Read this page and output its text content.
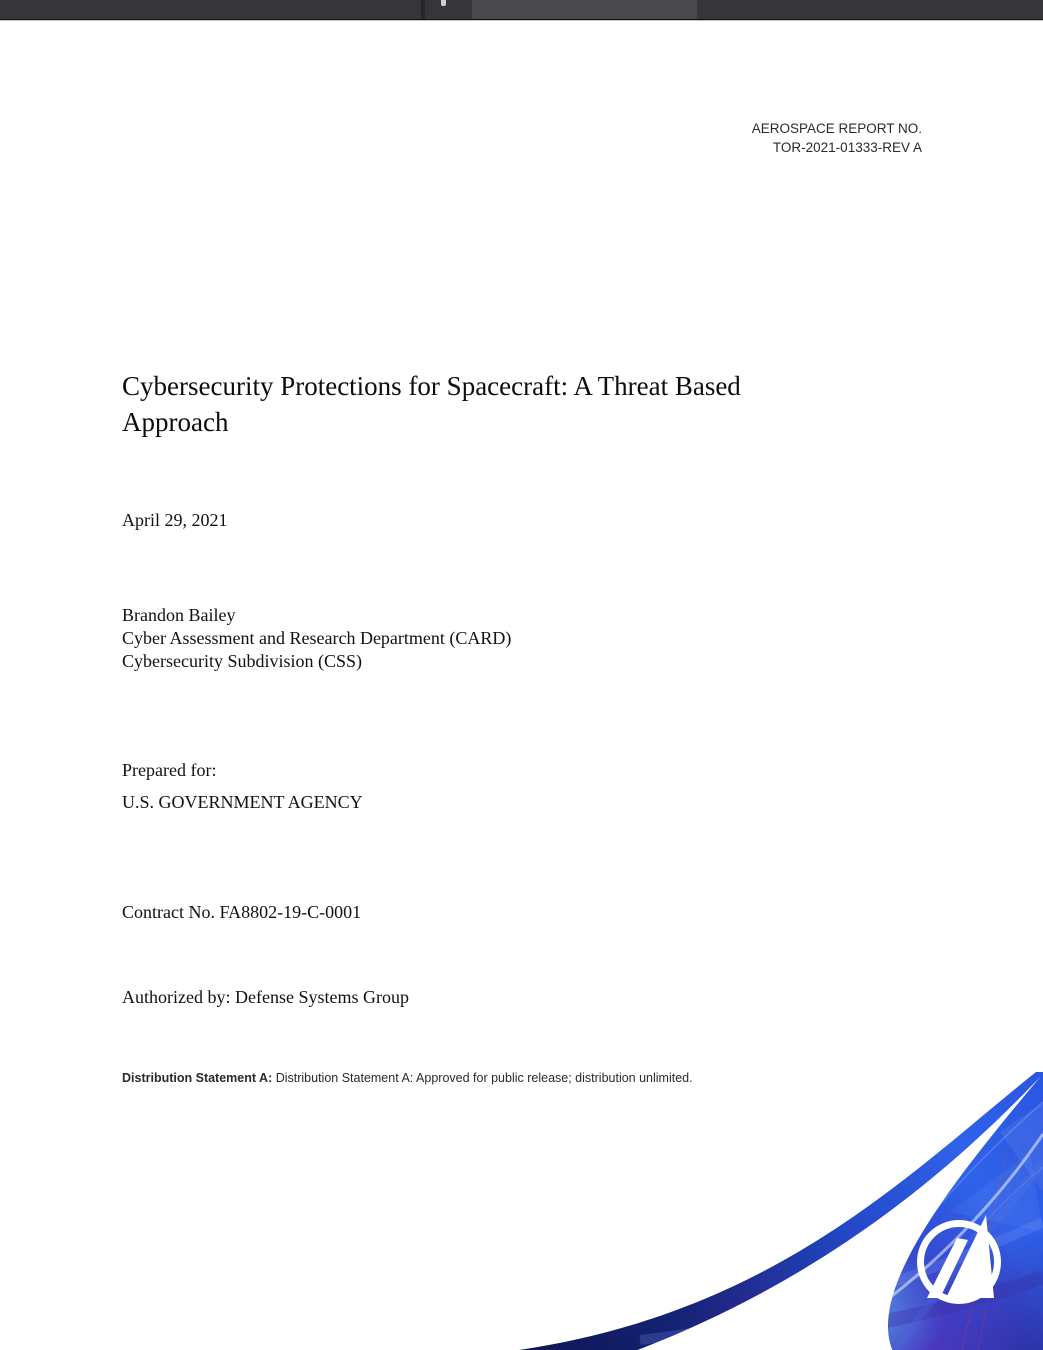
AEROSPACE REPORT NO.
TOR-2021-01333-REV A
Cybersecurity Protections for Spacecraft: A Threat Based
Approach
April 29, 2021
Brandon Bailey
Cyber Assessment and Research Department (CARD)
Cybersecurity Subdivision (CSS)
Prepared for:
U.S. GOVERNMENT AGENCY
Contract No. FA8802-19-C-0001
Authorized by: Defense Systems Group
Distribution Statement A: Distribution Statement A: Approved for public release; distribution unlimited.
